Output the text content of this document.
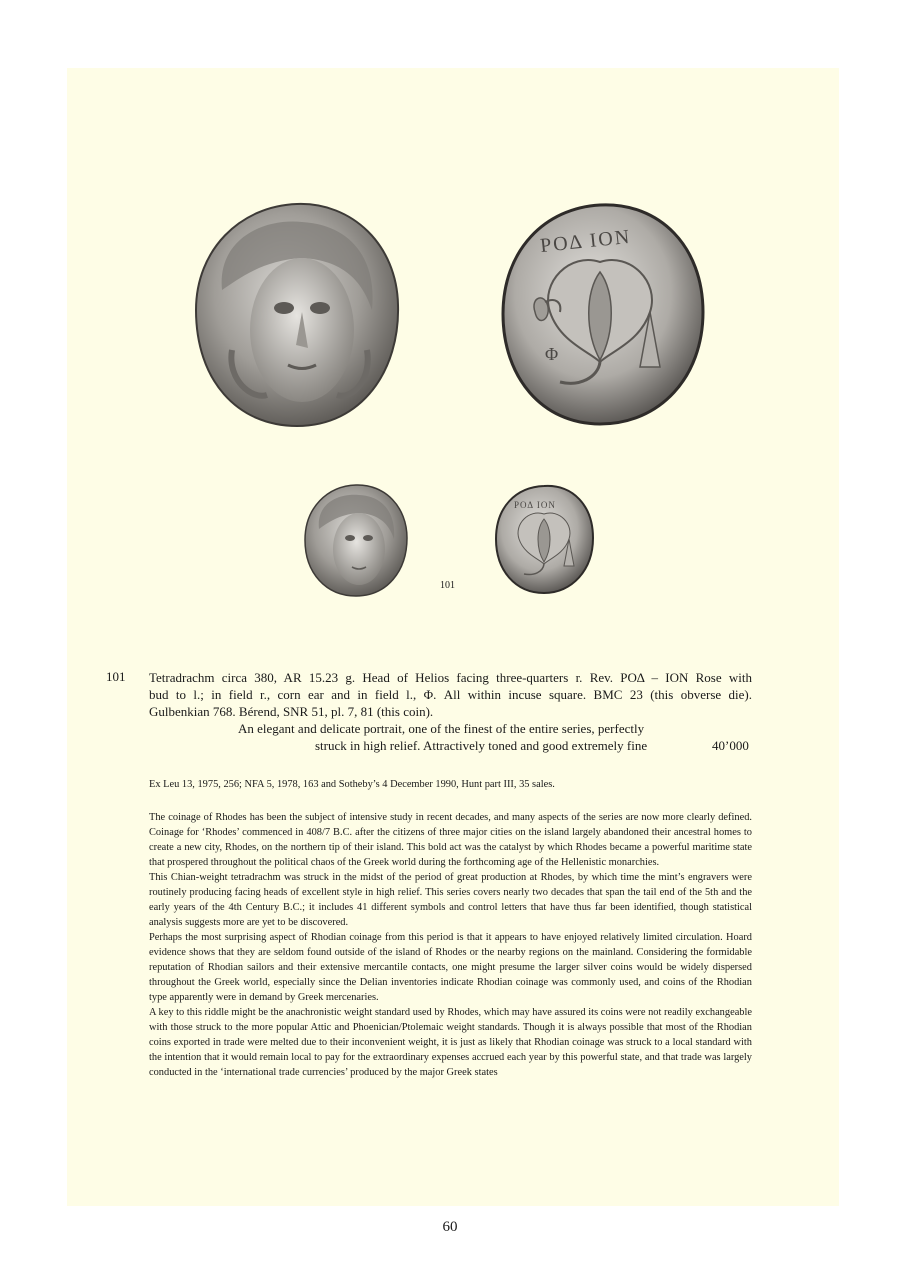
ΡΟΔ ΙΟΝ
Φ
ΡΟΔ ΙΟΝ
101
101 Tetradrachm circa 380, AR 15.23 g. Head of Helios facing three-quarters r. Rev. ΡΟΔ – ΙΟΝ Rose with
bud to l.; in field r., corn ear and in field l., Φ. All within incuse square. BMC 23 (this obverse die).
Gulbenkian 768. Bérend, SNR 51, pl. 7, 81 (this coin).
An elegant and delicate portrait, one of the finest of the entire series, perfectly
struck in high relief. Attractively toned and good extremely fine	40’000
Ex Leu 13, 1975, 256; NFA 5, 1978, 163 and Sotheby’s 4 December 1990, Hunt part III, 35 sales.

The coinage of Rhodes has been the subject of intensive study in recent decades, and many aspects of the series are now more clearly defined. Coinage for ‘Rhodes’ commenced in 408/7 B.C. after the citizens of three major cities on the island largely abandoned their ancestral homes to create a new city, Rhodes, on the northern tip of their island. This bold act was the catalyst by which Rhodes became a powerful maritime state that prospered throughout the political chaos of the Greek world during the forthcoming age of the Hellenistic monarchies.

This Chian-weight tetradrachm was struck in the midst of the period of great production at Rhodes, by which time the mint’s engravers were routinely producing facing heads of excellent style in high relief. This series covers nearly two decades that span the tail end of the 5th and the early years of the 4th Century B.C.; it includes 41 different symbols and control letters that have thus far been identified, though statistical analysis suggests more are yet to be discovered.

Perhaps the most surprising aspect of Rhodian coinage from this period is that it appears to have enjoyed relatively limited circulation. Hoard evidence shows that they are seldom found outside of the island of Rhodes or the nearby regions on the mainland. Considering the formidable reputation of Rhodian sailors and their extensive mercantile contacts, one might presume the larger silver coins would be widely dispersed throughout the Greek world, especially since the Delian inventories indicate Rhodian coinage was commonly used, and coins of the Rhodian type apparently were in demand by Greek mercenaries.

A key to this riddle might be the anachronistic weight standard used by Rhodes, which may have assured its coins were not readily exchangeable with those struck to the more popular Attic and Phoenician/Ptolemaic weight standards. Though it is always possible that most of the Rhodian coins exported in trade were melted due to their inconvenient weight, it is just as likely that Rhodian coinage was struck to a local standard with the intention that it would remain local to pay for the extraordinary expenses accrued each year by this powerful state, and that trade was largely conducted in the ‘international trade currencies’ produced by the major Greek states

60
